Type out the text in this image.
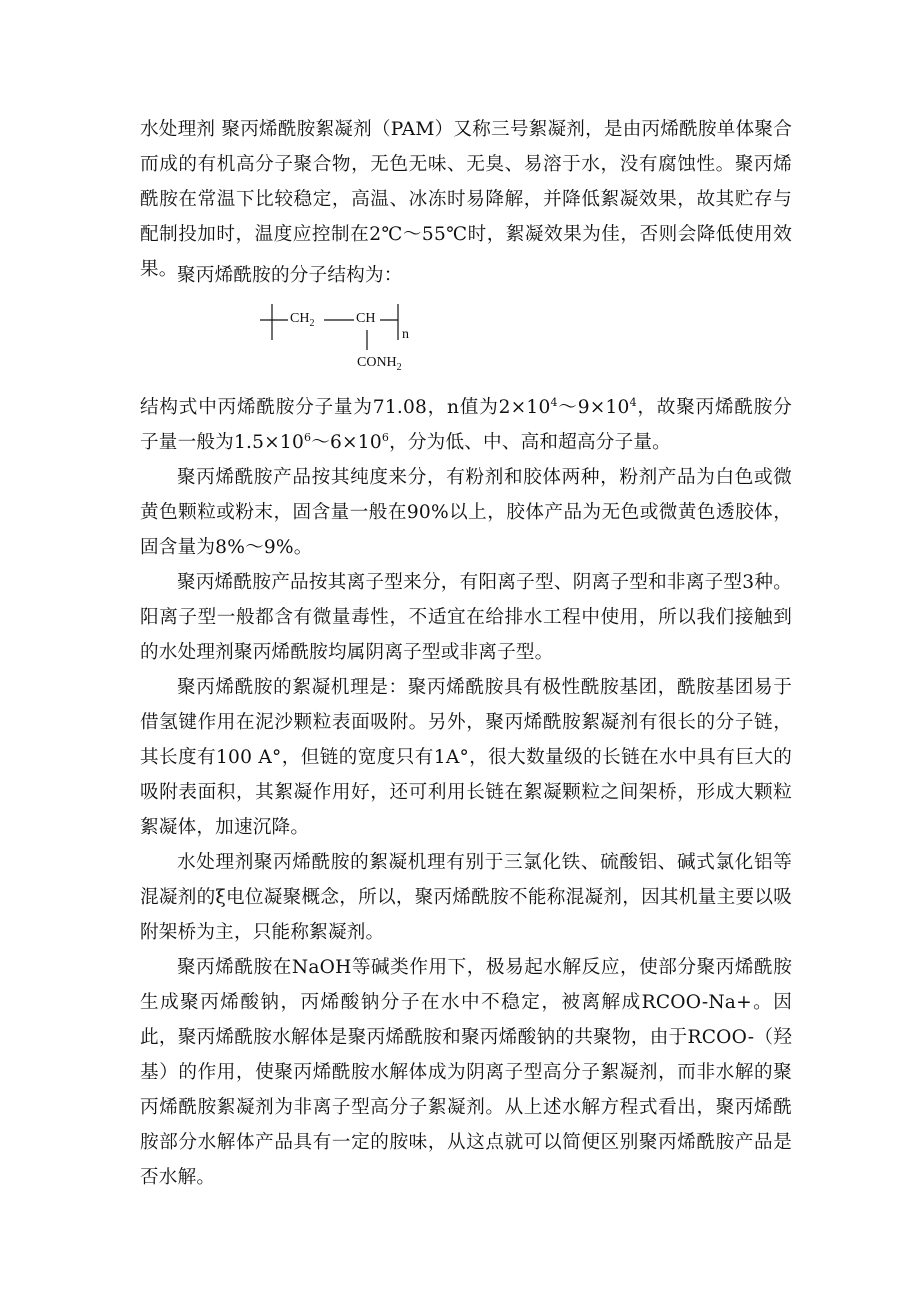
水处理剂 聚丙烯酰胺絮凝剂（PAM）又称三号絮凝剂，是由丙烯酰胺单体聚合而成的有机高分子聚合物，无色无味、无臭、易溶于水，没有腐蚀性。聚丙烯酰胺在常温下比较稳定，高温、冰冻时易降解，并降低絮凝效果，故其贮存与配制投加时，温度应控制在2℃～55℃时，絮凝效果为佳，否则会降低使用效果。 聚丙烯酰胺的分子结构为：

$CH_2$	CH
n
$CONH_2$

结构式中丙烯酰胺分子量为71.08，n值为$2\times 10^4\sim 9\times 10^4$，故聚丙烯酰胺分子量一般为$1.5\times 10^6\sim 6\times 10^6$，分为低、中、高和超高分子量。

聚丙烯酰胺产品按其纯度来分，有粉剂和胶体两种，粉剂产品为白色或微黄色颗粒或粉末，固含量一般在90%以上，胶体产品为无色或微黄色透胶体，固含量为8%～9%。

聚丙烯酰胺产品按其离子型来分，有阳离子型、阴离子型和非离子型3种。阳离子型一般都含有微量毒性，不适宜在给排水工程中使用，所以我们接触到的水处理剂聚丙烯酰胺均属阴离子型或非离子型。

聚丙烯酰胺的絮凝机理是：聚丙烯酰胺具有极性酰胺基团，酰胺基团易于借氢键作用在泥沙颗粒表面吸附。另外，聚丙烯酰胺絮凝剂有很长的分子链，其长度有100 A°，但链的宽度只有1A°，很大数量级的长链在水中具有巨大的吸附表面积，其絮凝作用好，还可利用长链在絮凝颗粒之间架桥，形成大颗粒絮凝体，加速沉降。

水处理剂聚丙烯酰胺的絮凝机理有别于三氯化铁、硫酸铝、碱式氯化铝等混凝剂的ξ电位凝聚概念，所以，聚丙烯酰胺不能称混凝剂，因其机量主要以吸附架桥为主，只能称絮凝剂。

聚丙烯酰胺在NaOH等碱类作用下，极易起水解反应，使部分聚丙烯酰胺生成聚丙烯酸钠，丙烯酸钠分子在水中不稳定，被离解成RCOO-Na+。因此，聚丙烯酰胺水解体是聚丙烯酰胺和聚丙烯酸钠的共聚物，由于RCOO-（羟基）的作用，使聚丙烯酰胺水解体成为阴离子型高分子絮凝剂，而非水解的聚丙烯酰胺絮凝剂为非离子型高分子絮凝剂。从上述水解方程式看出，聚丙烯酰胺部分水解体产品具有一定的胺味，从这点就可以简便区别聚丙烯酰胺产品是否水解。
